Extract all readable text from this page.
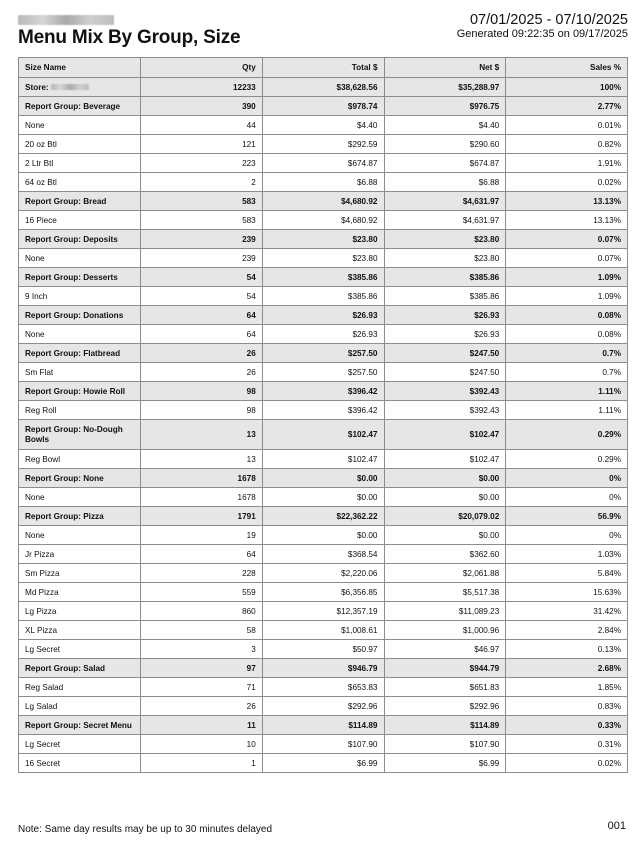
Menu Mix By Group, Size
07/01/2025 - 07/10/2025
Generated 09:22:35 on 09/17/2025
Size Name	Qty	Total $	Net $	Sales %
Store:	12233	$38,628.56	$35,288.97	100%
Report Group: Beverage	390	$978.74	$976.75	2.77%
None	44	$4.40	$4.40	0.01%
20 oz Btl	121	$292.59	$290.60	0.82%
2 Ltr Btl	223	$674.87	$674.87	1.91%
64 oz Btl	2	$6.88	$6.88	0.02%
Report Group: Bread	583	$4,680.92	$4,631.97	13.13%
16 Piece	583	$4,680.92	$4,631.97	13.13%
Report Group: Deposits	239	$23.80	$23.80	0.07%
None	239	$23.80	$23.80	0.07%
Report Group: Desserts	54	$385.86	$385.86	1.09%
9 Inch	54	$385.86	$385.86	1.09%
Report Group: Donations	64	$26.93	$26.93	0.08%
None	64	$26.93	$26.93	0.08%
Report Group: Flatbread	26	$257.50	$247.50	0.7%
Sm Flat	26	$257.50	$247.50	0.7%
Report Group: Howie Roll	98	$396.42	$392.43	1.11%
Reg Roll	98	$396.42	$392.43	1.11%
Report Group: No-Dough Bowls	13	$102.47	$102.47	0.29%
Reg Bowl	13	$102.47	$102.47	0.29%
Report Group: None	1678	$0.00	$0.00	0%
None	1678	$0.00	$0.00	0%
Report Group: Pizza	1791	$22,362.22	$20,079.02	56.9%
None	19	$0.00	$0.00	0%
Jr Pizza	64	$368.54	$362.60	1.03%
Sm Pizza	228	$2,220.06	$2,061.88	5.84%
Md Pizza	559	$6,356.85	$5,517.38	15.63%
Lg Pizza	860	$12,357.19	$11,089.23	31.42%
XL Pizza	58	$1,008.61	$1,000.96	2.84%
Lg Secret	3	$50.97	$46.97	0.13%
Report Group: Salad	97	$946.79	$944.79	2.68%
Reg Salad	71	$653.83	$651.83	1.85%
Lg Salad	26	$292.96	$292.96	0.83%
Report Group: Secret Menu	11	$114.89	$114.89	0.33%
Lg Secret	10	$107.90	$107.90	0.31%
16 Secret	1	$6.99	$6.99	0.02%
Note: Same day results may be up to 30 minutes delayed	001
